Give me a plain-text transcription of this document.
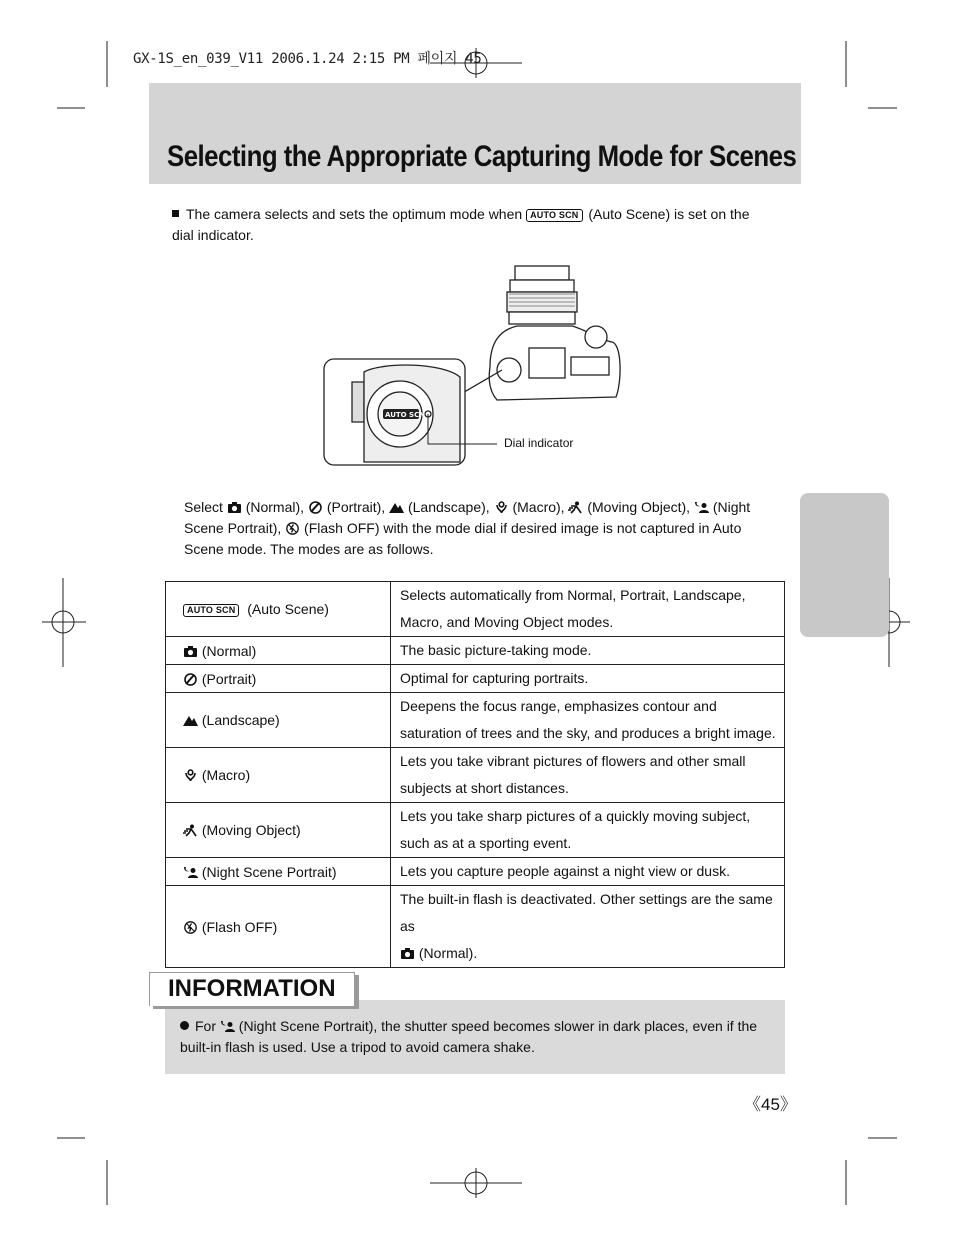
GX-1S_en_039_V11 2006.1.24 2:15 PM 페이지 45
Selecting the Appropriate Capturing Mode for Scenes
The camera selects and sets the optimum mode when AUTO SCN (Auto Scene) is set on the dial indicator.
AUTO SCN
Dial indicator
Select (Normal), (Portrait), (Landscape), (Macro), (Moving Object), (Night Scene Portrait), (Flash OFF) with the mode dial if desired image is not captured in Auto Scene mode. The modes are as follows.
AUTO SCN (Auto Scene)	Selects automatically from Normal, Portrait, Landscape, Macro, and Moving Object modes.
(Normal)	The basic picture-taking mode.
(Portrait)	Optimal for capturing portraits.
(Landscape)	Deepens the focus range, emphasizes contour and saturation of trees and the sky, and produces a bright image.
(Macro)	Lets you take vibrant pictures of flowers and other small subjects at short distances.
(Moving Object)	Lets you take sharp pictures of a quickly moving subject, such as at a sporting event.
(Night Scene Portrait)	Lets you capture people against a night view or dusk.
(Flash OFF)	The built-in flash is deactivated. Other settings are the same as
(Normal).
INFORMATION
For (Night Scene Portrait), the shutter speed becomes slower in dark places, even if the built-in flash is used. Use a tripod to avoid camera shake.
《45》
